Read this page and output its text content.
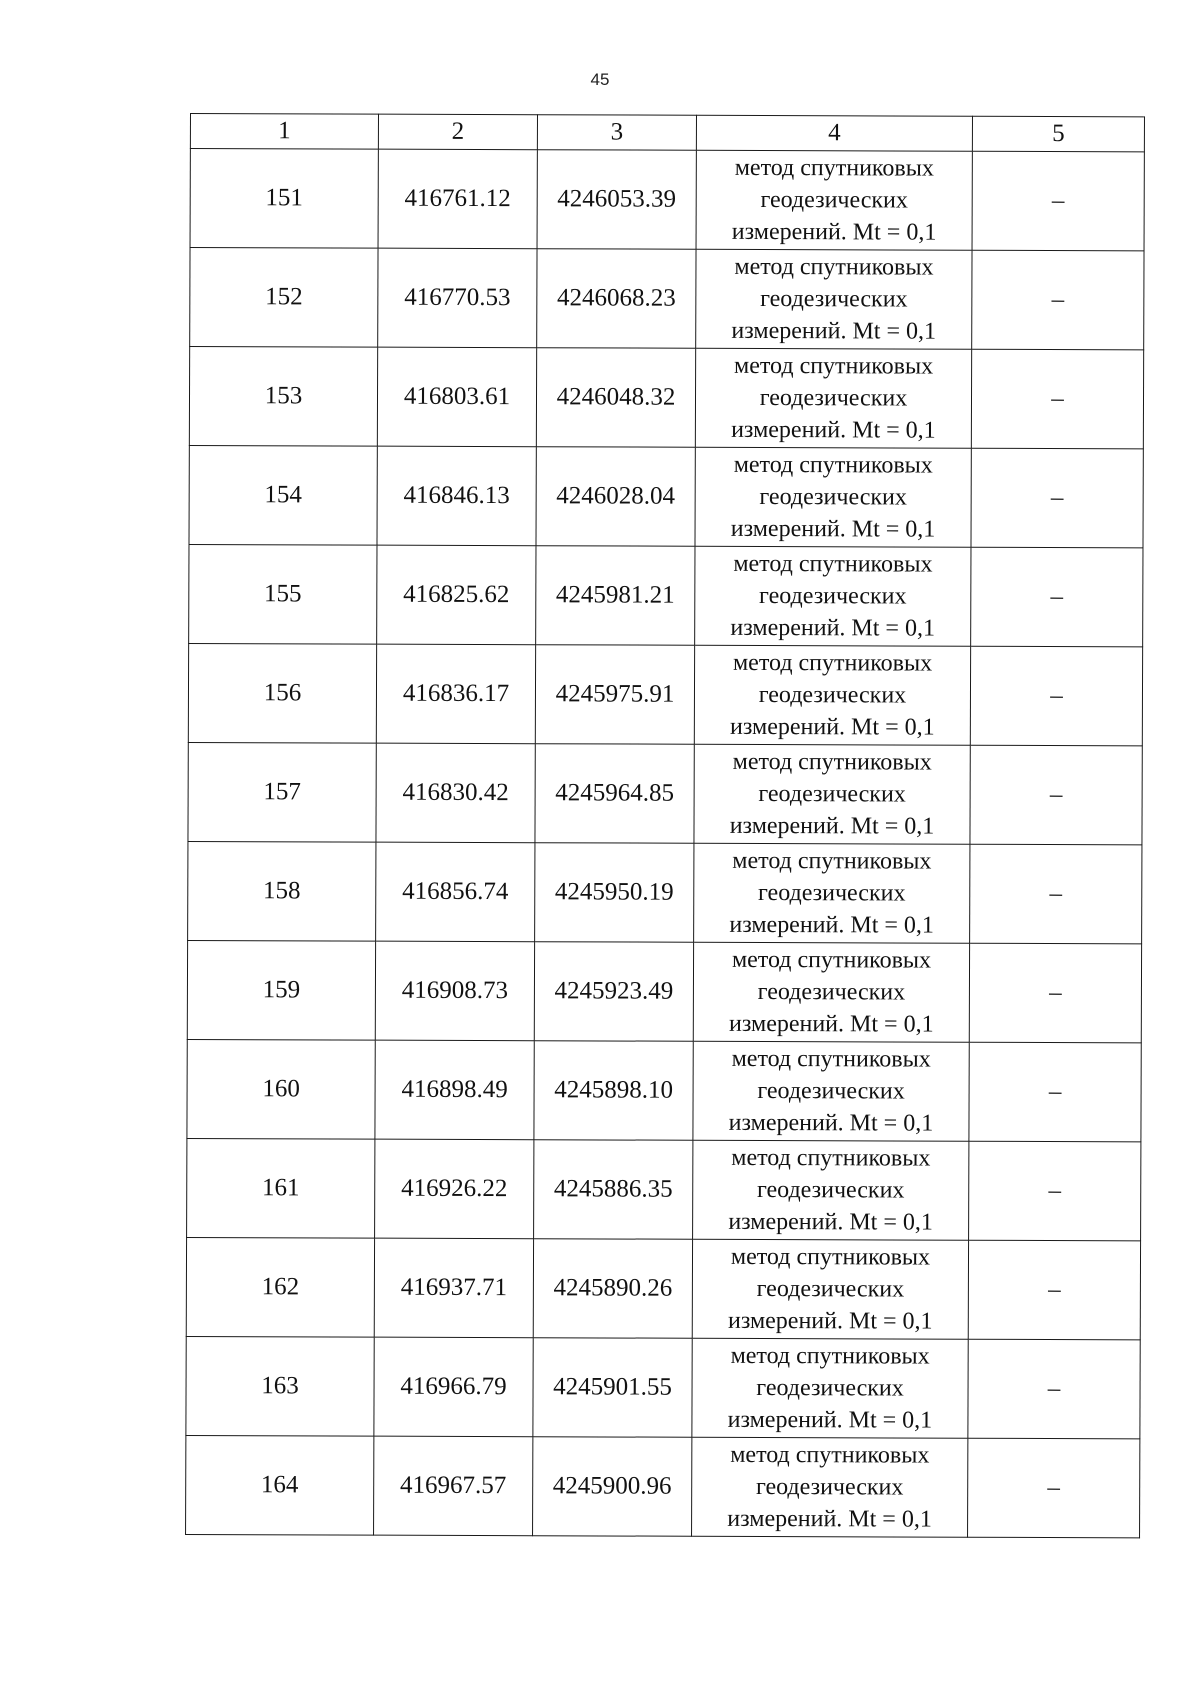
45
1	2	3	4	5
151	416761.12	4246053.39	метод спутниковых
геодезических
измерений. Mt = 0,1	–
152	416770.53	4246068.23	метод спутниковых
геодезических
измерений. Mt = 0,1	–
153	416803.61	4246048.32	метод спутниковых
геодезических
измерений. Mt = 0,1	–
154	416846.13	4246028.04	метод спутниковых
геодезических
измерений. Mt = 0,1	–
155	416825.62	4245981.21	метод спутниковых
геодезических
измерений. Mt = 0,1	–
156	416836.17	4245975.91	метод спутниковых
геодезических
измерений. Mt = 0,1	–
157	416830.42	4245964.85	метод спутниковых
геодезических
измерений. Mt = 0,1	–
158	416856.74	4245950.19	метод спутниковых
геодезических
измерений. Mt = 0,1	–
159	416908.73	4245923.49	метод спутниковых
геодезических
измерений. Mt = 0,1	–
160	416898.49	4245898.10	метод спутниковых
геодезических
измерений. Mt = 0,1	–
161	416926.22	4245886.35	метод спутниковых
геодезических
измерений. Mt = 0,1	–
162	416937.71	4245890.26	метод спутниковых
геодезических
измерений. Mt = 0,1	–
163	416966.79	4245901.55	метод спутниковых
геодезических
измерений. Mt = 0,1	–
164	416967.57	4245900.96	метод спутниковых
геодезических
измерений. Mt = 0,1	–
